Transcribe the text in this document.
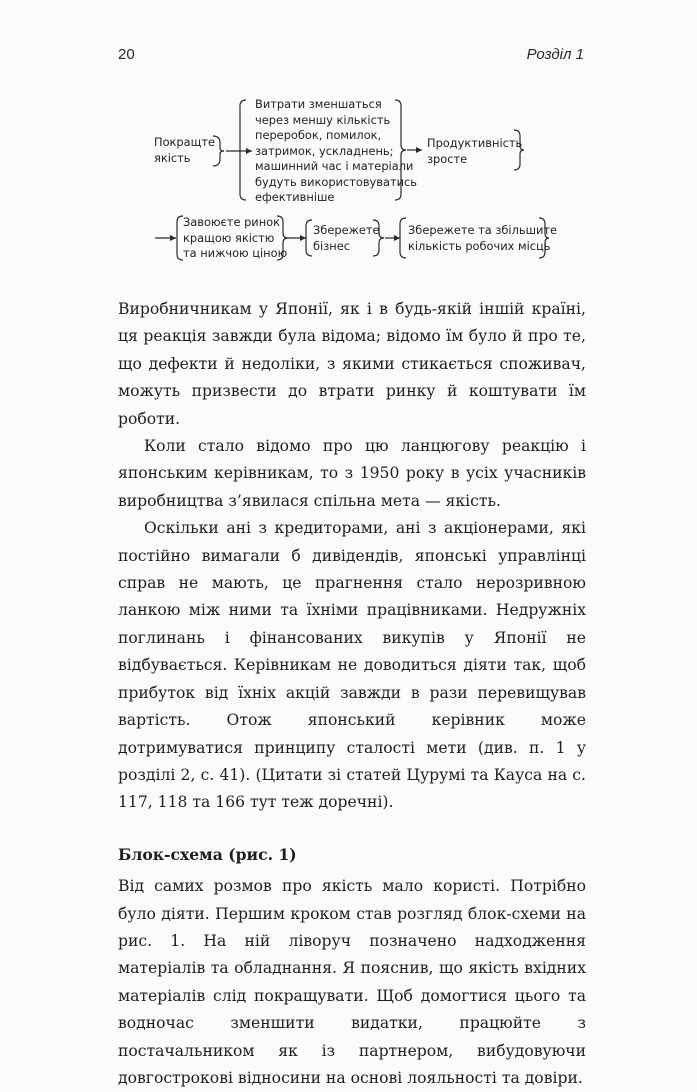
20	Розділ 1
Покращте
якість
Витрати зменшаться
через меншу кількість
переробок, помилок,
затримок, ускладнень;
машинний час і матеріали
будуть використовуватись
ефективніше
Продуктивність
зросте
Завоюєте ринок
кращою якістю
та нижчою ціною
Збережете
бізнес
Збережете та збільшите
кількість робочих місць

Виробничникам у Японії, як і в будь-якій іншій країні, ця реакція завжди була відома; відомо їм було й про те, що дефекти й недоліки, з якими стикається споживач, можуть призвести до втрати ринку й коштувати їм роботи.

Коли стало відомо про цю ланцюгову реакцію і японським керівникам, то з 1950 року в усіх учасників виробництва з’явилася спільна мета — якість.

Оскільки ані з кредиторами, ані з акціонерами, які постійно вимагали б дивідендів, японські управлінці справ не мають, це прагнення стало нерозривною ланкою між ними та їхніми працівниками. Недружніх поглинань і фінансованих викупів у Японії не відбувається. Керівникам не доводиться діяти так, щоб прибуток від їхніх акцій завжди в рази перевищував вартість. Отож японський керівник може дотримуватися принципу сталості мети (див. п. 1 у розділі 2, с. 41). (Цитати зі статей Цурумі та Кауса на с. 117, 118 та 166 тут теж доречні).

Блок-схема (рис. 1)

Від самих розмов про якість мало користі. Потрібно було діяти. Першим кроком став розгляд блок-схеми на рис. 1. На ній ліворуч позначено надходження матеріалів та обладнання. Я пояснив, що якість вхідних матеріалів слід покращувати. Щоб домогтися цього та водночас зменшити видатки, працюйте з постачальником як із партнером, вибудовуючи довгострокові відносини на основі лояльності та довіри.
